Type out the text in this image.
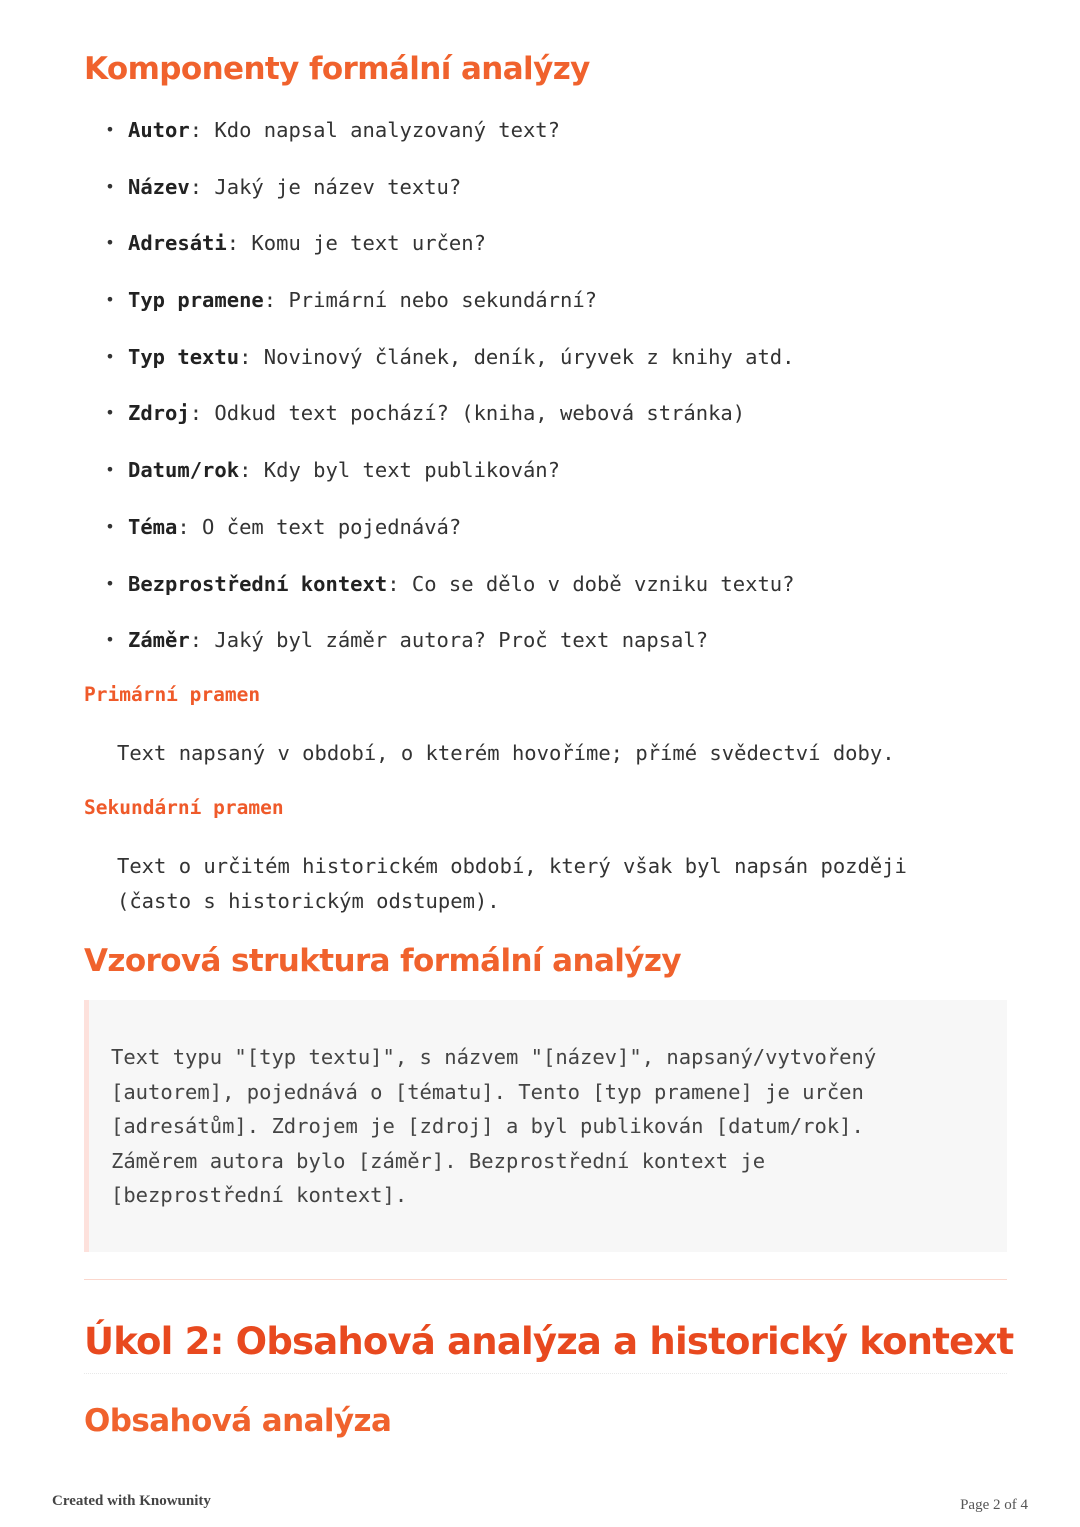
Komponenty formální analýzy
• Autor: Kdo napsal analyzovaný text?
• Název: Jaký je název textu?
• Adresáti: Komu je text určen?
• Typ pramene: Primární nebo sekundární?
• Typ textu: Novinový článek, deník, úryvek z knihy atd.
• Zdroj: Odkud text pochází? (kniha, webová stránka)
• Datum/rok: Kdy byl text publikován?
• Téma: O čem text pojednává?
• Bezprostřední kontext: Co se dělo v době vzniku textu?
• Záměr: Jaký byl záměr autora? Proč text napsal?
Primární pramen
Text napsaný v období, o kterém hovoříme; přímé svědectví doby.
Sekundární pramen
Text o určitém historickém období, který však byl napsán později
(často s historickým odstupem).
Vzorová struktura formální analýzy
Text typu "[typ textu]", s názvem "[název]", napsaný/vytvořený
[autorem], pojednává o [tématu]. Tento [typ pramene] je určen
[adresátům]. Zdrojem je [zdroj] a byl publikován [datum/rok].
Záměrem autora bylo [záměr]. Bezprostřední kontext je
[bezprostřední kontext].
Úkol 2: Obsahová analýza a historický kontext
Obsahová analýza
Created with Knowunity	Page 2 of 4
